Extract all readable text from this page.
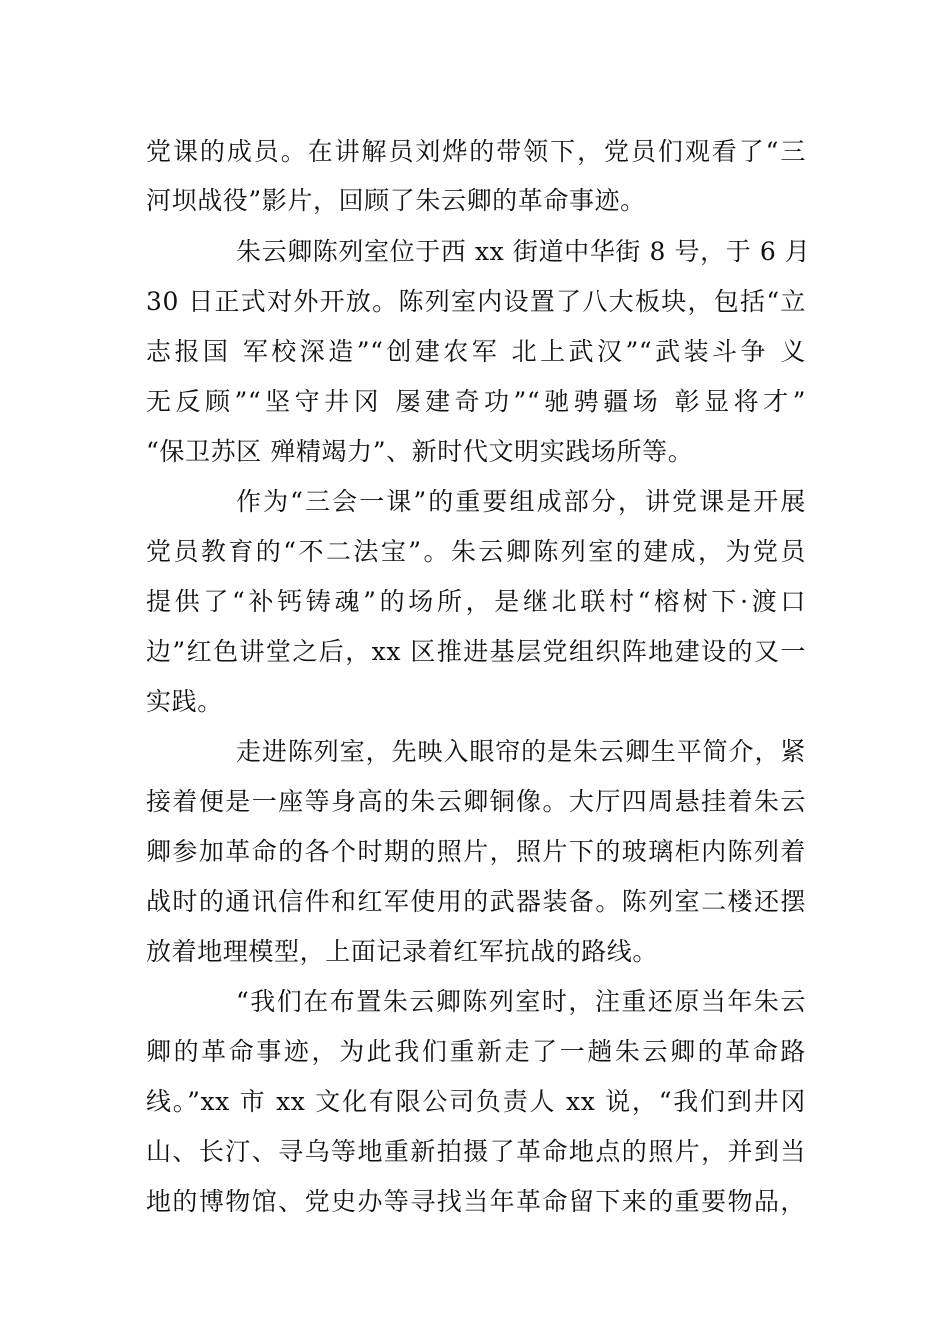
党课的成员。在讲解员刘烨的带领下，党员们观看了“三
河坝战役”影片，回顾了朱云卿的革命事迹。
朱云卿陈列室位于西 xx 街道中华街 8 号，于 6 月
30 日正式对外开放。陈列室内设置了八大板块，包括“立
志报国 军校深造”“创建农军 北上武汉”“武装斗争 义
无反顾”“坚守井冈 屡建奇功”“驰骋疆场 彰显将才”
“保卫苏区 殚精竭力”、新时代文明实践场所等。
作为“三会一课”的重要组成部分，讲党课是开展
党员教育的“不二法宝”。朱云卿陈列室的建成，为党员
提供了“补钙铸魂”的场所，是继北联村“榕树下·渡口
边”红色讲堂之后，xx 区推进基层党组织阵地建设的又一
实践。
走进陈列室，先映入眼帘的是朱云卿生平简介，紧
接着便是一座等身高的朱云卿铜像。大厅四周悬挂着朱云
卿参加革命的各个时期的照片，照片下的玻璃柜内陈列着
战时的通讯信件和红军使用的武器装备。陈列室二楼还摆
放着地理模型，上面记录着红军抗战的路线。
“我们在布置朱云卿陈列室时，注重还原当年朱云
卿的革命事迹，为此我们重新走了一趟朱云卿的革命路
线。”xx 市 xx 文化有限公司负责人 xx 说，“我们到井冈
山、长汀、寻乌等地重新拍摄了革命地点的照片，并到当
地的博物馆、党史办等寻找当年革命留下来的重要物品，
